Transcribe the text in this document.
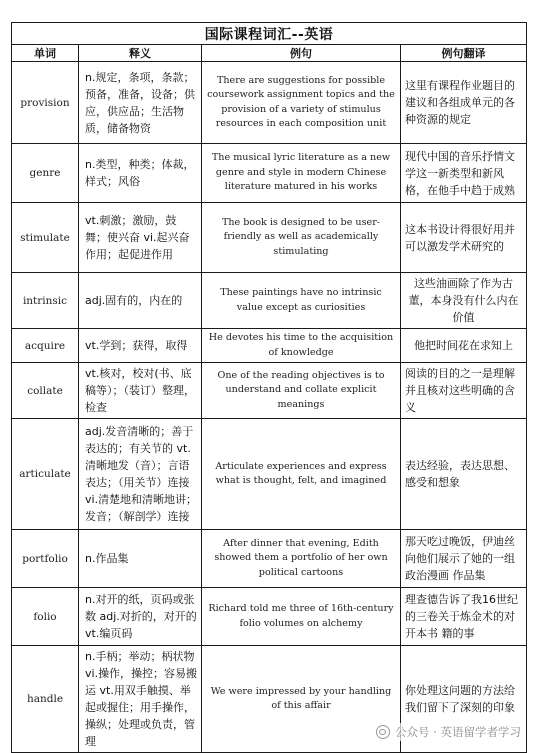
国际课程词汇--英语			
单词	释义	例句	例句翻译
provision	n.规定，条项，条款；预备，准备，设备；供应，供应品；生活物质，储备物资	There are suggestions for possible coursework assignment topics and the provision of a variety of stimulus resources in each composition unit	这里有课程作业题目的建议和各组成单元的各种资源的规定
genre	n.类型，种类；体裁，样式；风俗	The musical lyric literature as a new genre and style in modern Chinese literature matured in his works	现代中国的音乐抒情文学这一新类型和新风格，在他手中趋于成熟
stimulate	vt.刺激；激励，鼓舞；使兴奋 vi.起兴奋作用；起促进作用	The book is designed to be user-friendly as well as academically stimulating	这本书设计得很好用并可以激发学术研究的
intrinsic	adj.固有的，内在的	These paintings have no intrinsic value except as curiosities	这些油画除了作为古董，本身没有什么内在价值
acquire	vt.学到；获得，取得	He devotes his time to the acquisition of knowledge	他把时间花在求知上
collate	vt.核对，校对(书、底稿等）；（装订）整理，检查	One of the reading objectives is to understand and collate explicit meanings	阅读的目的之一是理解并且核对这些明确的含义
articulate	adj.发音清晰的；善于表达的；有关节的 vt.清晰地发（音）；言语表达；（用关节）连接 vi.清楚地和清晰地讲；发音；（解剖学）连接	Articulate experiences and express what is thought, felt, and imagined	表达经验，表达思想、感受和想象
portfolio	n.作品集	After dinner that evening, Edith showed them a portfolio of her own political cartoons	那天吃过晚饭，伊迪丝向他们展示了她的一组政治漫画 作品集
folio	n.对开的纸，页码或张数 adj.对折的，对开的 vt.编页码	Richard told me three of 16th-century folio volumes on alchemy	理查德告诉了我16世纪的三卷关于炼金术的对开本书 籍的事
handle	n.手柄；举动；柄状物 vi.操作，操控；容易搬运 vt.用双手触摸、举起或握住；用手操作，操纵；处理或负责，管理	We were impressed by your handling of this affair	你处理这问题的方法给我们留下了深刻的印象
公众号 · 英语留学者学习
